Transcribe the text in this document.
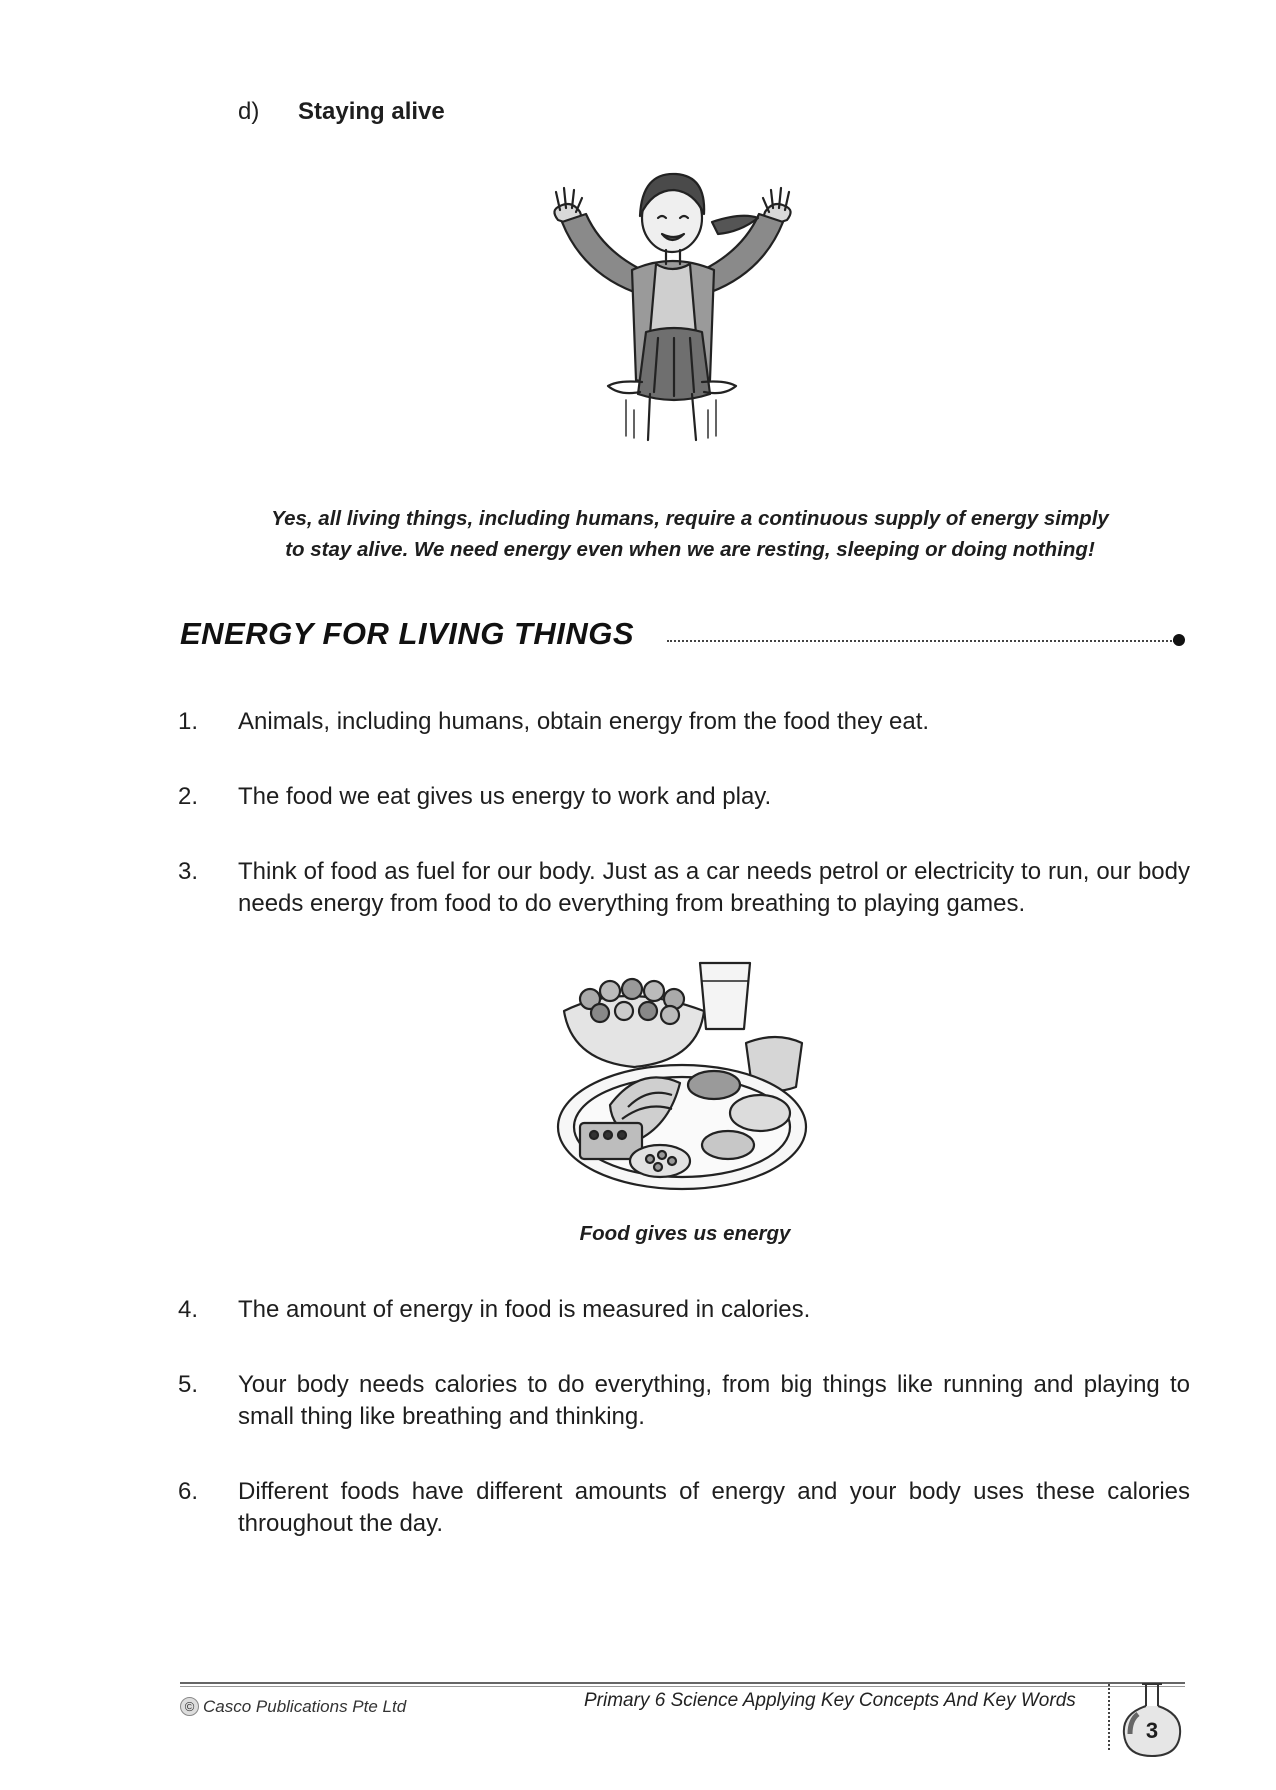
d) Staying alive
Yes, all living things, including humans, require a continuous supply of energy simply
to stay alive. We need energy even when we are resting, sleeping or doing nothing!
ENERGY FOR LIVING THINGS
1. Animals, including humans, obtain energy from the food they eat.
2. The food we eat gives us energy to work and play.
3. Think of food as fuel for our body. Just as a car needs petrol or electricity to run, our body needs energy from food to do everything from breathing to playing games.
Food gives us energy
4. The amount of energy in food is measured in calories.
5. Your body needs calories to do everything, from big things like running and playing to small thing like breathing and thinking.
6. Different foods have different amounts of energy and your body uses these calories throughout the day.
© Casco Publications Pte Ltd	Primary 6 Science Applying Key Concepts And Key Words
3
